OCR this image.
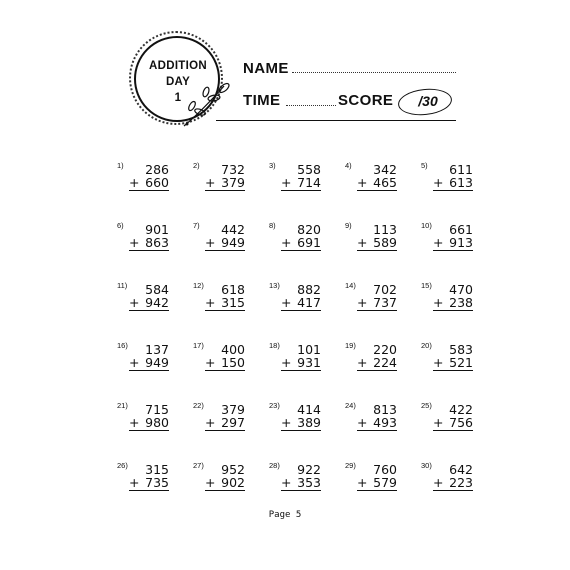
ADDITION
DAY
1
NAME
TIME	SCORE	/30
1)	286
+ 660
2)	732
+ 379
3)	558
+ 714
4)	342
+ 465
5)	611
+ 613
6)	901
+ 863
7)	442
+ 949
8)	820
+ 691
9)	113
+ 589
10)	661
+ 913
11)	584
+ 942
12)	618
+ 315
13)	882
+ 417
14)	702
+ 737
15)	470
+ 238
16)	137
+ 949
17)	400
+ 150
18)	101
+ 931
19)	220
+ 224
20)	583
+ 521
21)	715
+ 980
22)	379
+ 297
23)	414
+ 389
24)	813
+ 493
25)	422
+ 756
26)	315
+ 735
27)	952
+ 902
28)	922
+ 353
29)	760
+ 579
30)	642
+ 223
Page 5
